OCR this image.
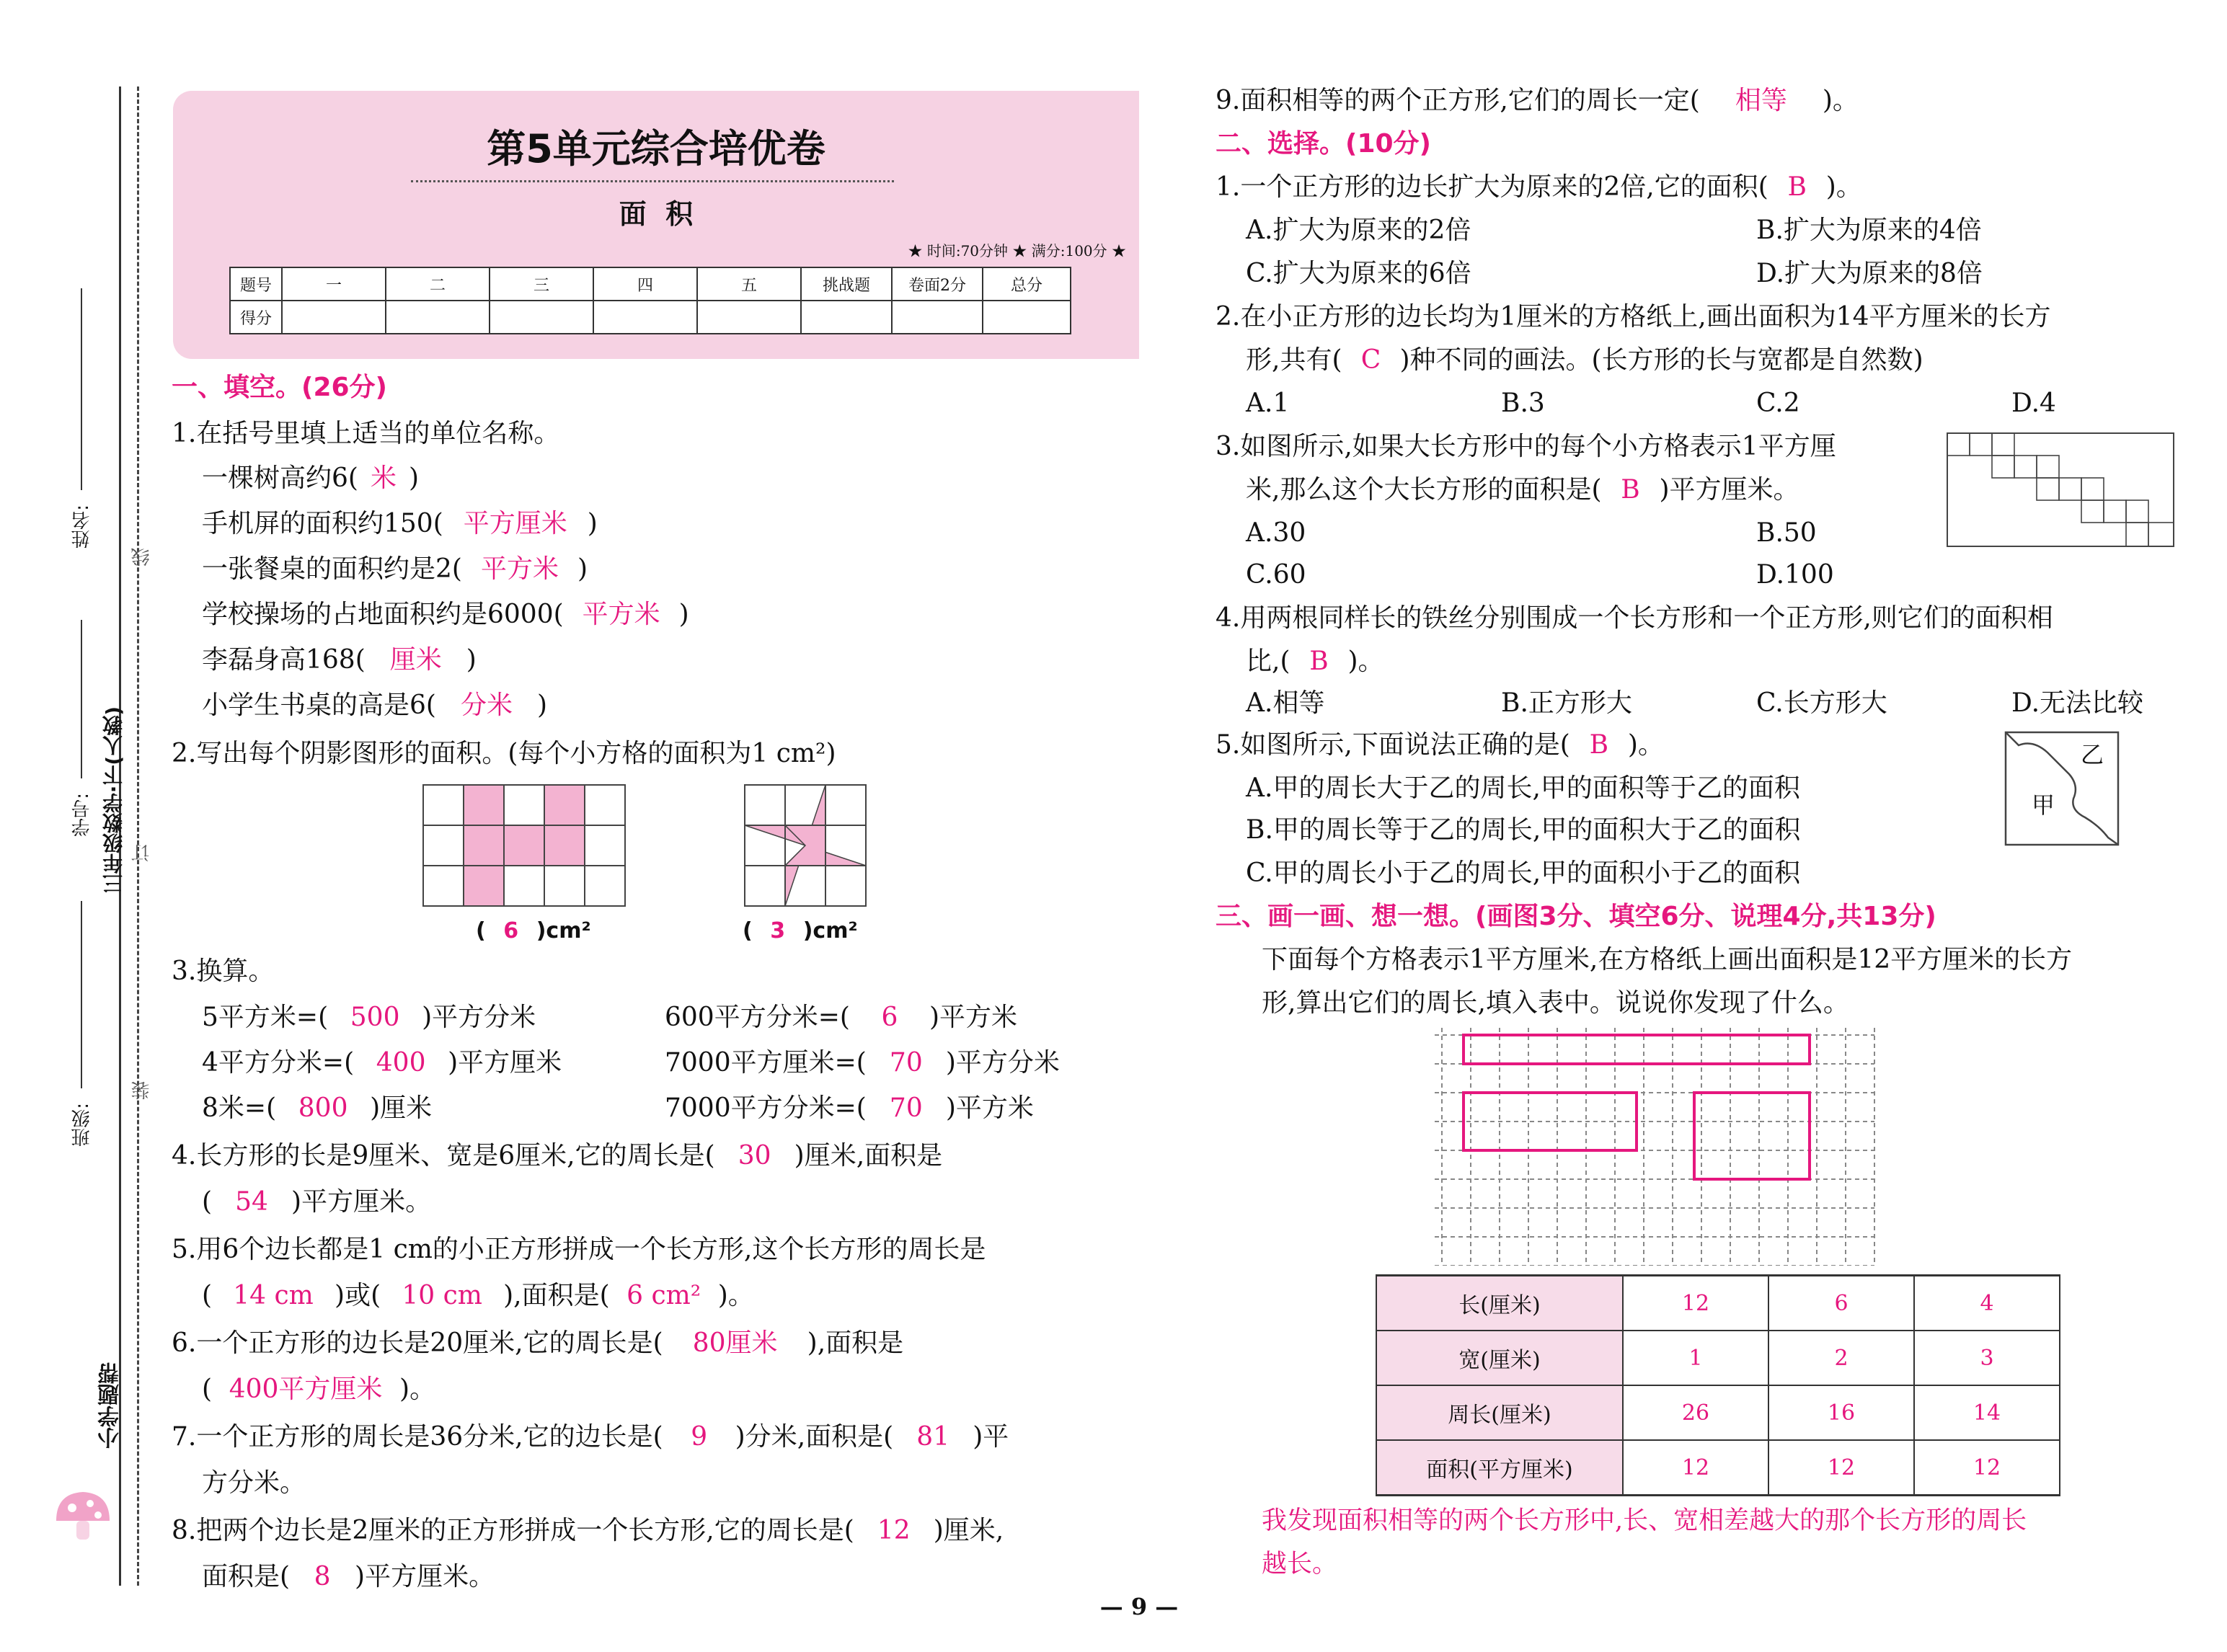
姓名:
线
学号: 三年级数学·下(人教) 订
班级:
装
小学题帮
第5单元综合培优卷
面  积
★ 时间:70分钟 ★ 满分:100分 ★
题号	一	二	三	四	五	挑战题	卷面2分	总分
得分								
一、填空。(26分)
1.在括号里填上适当的单位名称。
一棵树高约6( 米 )
手机屏的面积约150( 平方厘米 )
一张餐桌的面积约是2( 平方米 )
学校操场的占地面积约是6000( 平方米 )
李磊身高168( 厘米 )
小学生书桌的高是6( 分米 )
2.写出每个阴影图形的面积。(每个小方格的面积为1 cm²)
( 6 )cm²	( 3 )cm²
3.换算。
5平方米=( 500 )平方分米
4平方分米=( 400 )平方厘米
8米=( 800 )厘米
600平方分米=( 6 )平方米
7000平方厘米=( 70 )平方分米
7000平方分米=( 70 )平方米
4.长方形的长是9厘米、宽是6厘米,它的周长是( 30 )厘米,面积是
( 54 )平方厘米。
5.用6个边长都是1 cm的小正方形拼成一个长方形,这个长方形的周长是
( 14 cm )或( 10 cm ),面积是( 6 cm² )。
6.一个正方形的边长是20厘米,它的周长是( 80厘米 ),面积是
( 400平方厘米 )。
7.一个正方形的周长是36分米,它的边长是( 9 )分米,面积是( 81 )平
方分米。
8.把两个边长是2厘米的正方形拼成一个长方形,它的周长是( 12 )厘米,
面积是( 8 )平方厘米。
9.面积相等的两个正方形,它们的周长一定( 相等 )。
二、选择。(10分)
1.一个正方形的边长扩大为原来的2倍,它的面积( B )。
A.扩大为原来的2倍	B.扩大为原来的4倍
C.扩大为原来的6倍	D.扩大为原来的8倍
2.在小正方形的边长均为1厘米的方格纸上,画出面积为14平方厘米的长方
形,共有( C )种不同的画法。(长方形的长与宽都是自然数)
A.1	B.3	C.2	D.4
3.如图所示,如果大长方形中的每个小方格表示1平方厘
米,那么这个大长方形的面积是( B )平方厘米。
A.30	B.50
C.60	D.100
4.用两根同样长的铁丝分别围成一个长方形和一个正方形,则它们的面积相
比,( B )。
A.相等	B.正方形大	C.长方形大	D.无法比较
5.如图所示,下面说法正确的是( B )。
A.甲的周长大于乙的周长,甲的面积等于乙的面积
B.甲的周长等于乙的周长,甲的面积大于乙的面积
C.甲的周长小于乙的周长,甲的面积小于乙的面积
甲
乙
三、画一画、想一想。(画图3分、填空6分、说理4分,共13分)
下面每个方格表示1平方厘米,在方格纸上画出面积是12平方厘米的长方
形,算出它们的周长,填入表中。说说你发现了什么。
长(厘米)	12	6	4
宽(厘米)	1	2	3
周长(厘米)	26	16	14
面积(平方厘米)	12	12	12
我发现面积相等的两个长方形中,长、宽相差越大的那个长方形的周长
越长。
— 9 —
